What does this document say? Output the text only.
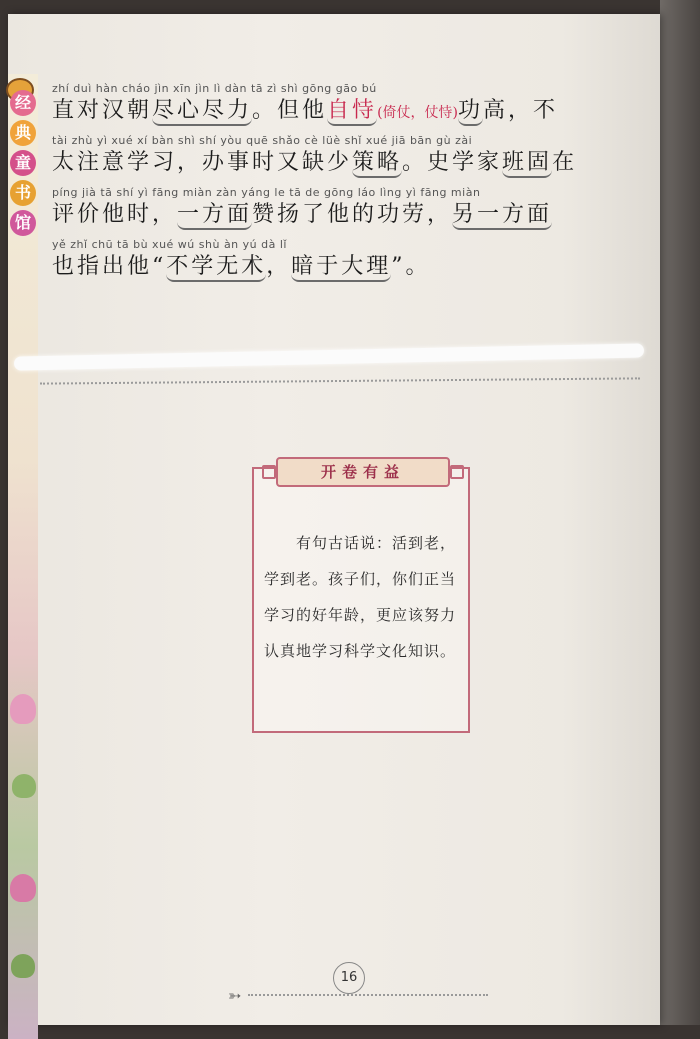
经
典
童
书
馆
zhí duì hàn cháo jìn xīn jìn lì dàn tā zì shì gōng gāo bú
直对汉朝尽心尽力。但他自恃(倚仗，仗恃)功高，不
tài zhù yì xué xí bàn shì shí yòu quē shǎo cè lüè shǐ xué jiā bān gù zài
太注意学习，办事时又缺少策略。史学家班固在
píng jià tā shí yì fāng miàn zàn yáng le tā de gōng láo lìng yì fāng miàn
评价他时，一方面赞扬了他的功劳，另一方面
yě zhǐ chū tā bù xué wú shù àn yú dà lǐ
也指出他“不学无术，暗于大理”。
开卷有益
　　有句古话说：活到老，学到老。孩子们，你们正当学习的好年龄，更应该努力认真地学习科学文化知识。
➳
16
